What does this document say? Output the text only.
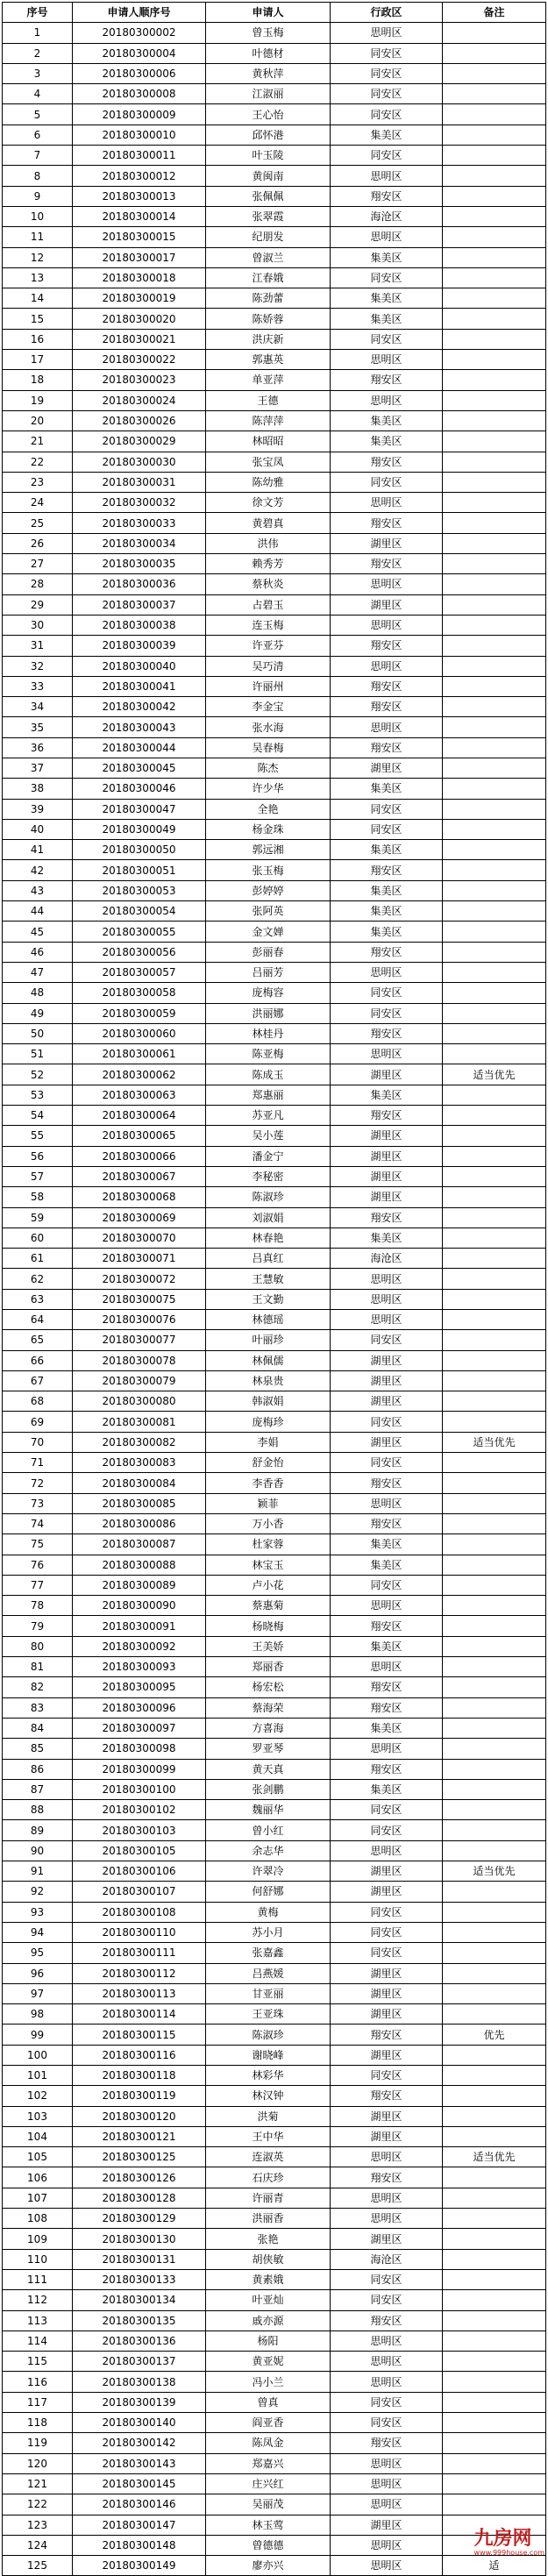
序号	申请人顺序号	申请人	行政区	备注
1	20180300002	曾玉梅	思明区	
2	20180300004	叶德材	同安区	
3	20180300006	黄秋萍	同安区	
4	20180300008	江淑丽	同安区	
5	20180300009	王心怡	同安区	
6	20180300010	邱怀港	集美区	
7	20180300011	叶玉陵	同安区	
8	20180300012	黄闽南	思明区	
9	20180300013	张佩佩	翔安区	
10	20180300014	张翠霞	海沧区	
11	20180300015	纪朋发	思明区	
12	20180300017	曾淑兰	集美区	
13	20180300018	江春娥	同安区	
14	20180300019	陈劲蕾	集美区	
15	20180300020	陈娇蓉	集美区	
16	20180300021	洪庆新	同安区	
17	20180300022	郭惠英	思明区	
18	20180300023	单亚萍	翔安区	
19	20180300024	王德	思明区	
20	20180300026	陈萍萍	集美区	
21	20180300029	林昭昭	集美区	
22	20180300030	张宝凤	翔安区	
23	20180300031	陈幼雅	同安区	
24	20180300032	徐文芳	思明区	
25	20180300033	黄碧真	翔安区	
26	20180300034	洪伟	湖里区	
27	20180300035	赖秀芳	翔安区	
28	20180300036	蔡秋炎	思明区	
29	20180300037	占碧玉	湖里区	
30	20180300038	连玉梅	思明区	
31	20180300039	许亚芬	翔安区	
32	20180300040	吴巧清	思明区	
33	20180300041	许丽州	翔安区	
34	20180300042	李金宝	翔安区	
35	20180300043	张水海	思明区	
36	20180300044	吴春梅	翔安区	
37	20180300045	陈杰	湖里区	
38	20180300046	许少华	集美区	
39	20180300047	全艳	同安区	
40	20180300049	杨金珠	同安区	
41	20180300050	郭远湘	集美区	
42	20180300051	张玉梅	翔安区	
43	20180300053	彭婷婷	集美区	
44	20180300054	张阿英	集美区	
45	20180300055	金文婵	集美区	
46	20180300056	彭丽春	翔安区	
47	20180300057	吕丽芳	思明区	
48	20180300058	庞梅容	同安区	
49	20180300059	洪丽娜	同安区	
50	20180300060	林桂丹	翔安区	
51	20180300061	陈亚梅	思明区	
52	20180300062	陈成玉	湖里区	适当优先
53	20180300063	郑惠丽	集美区	
54	20180300064	苏亚凡	翔安区	
55	20180300065	吴小莲	湖里区	
56	20180300066	潘金宁	湖里区	
57	20180300067	李秘密	湖里区	
58	20180300068	陈淑珍	湖里区	
59	20180300069	刘淑娟	翔安区	
60	20180300070	林春艳	集美区	
61	20180300071	吕真红	海沧区	
62	20180300072	王慧敏	思明区	
63	20180300075	王文勤	思明区	
64	20180300076	林德瑶	思明区	
65	20180300077	叶丽珍	同安区	
66	20180300078	林佩儒	湖里区	
67	20180300079	林泉贵	湖里区	
68	20180300080	韩淑娟	湖里区	
69	20180300081	庞梅珍	同安区	
70	20180300082	李娟	湖里区	适当优先
71	20180300083	舒金怡	同安区	
72	20180300084	李香香	翔安区	
73	20180300085	颖菲	思明区	
74	20180300086	万小香	翔安区	
75	20180300087	杜家蓉	集美区	
76	20180300088	林宝玉	集美区	
77	20180300089	卢小花	同安区	
78	20180300090	蔡惠菊	思明区	
79	20180300091	杨晓梅	翔安区	
80	20180300092	王美娇	集美区	
81	20180300093	郑丽香	思明区	
82	20180300095	杨宏松	翔安区	
83	20180300096	蔡海荣	翔安区	
84	20180300097	方喜海	集美区	
85	20180300098	罗亚琴	思明区	
86	20180300099	黄天真	翔安区	
87	20180300100	张剑鹏	集美区	
88	20180300102	魏丽华	同安区	
89	20180300103	曾小红	同安区	
90	20180300105	余志华	思明区	
91	20180300106	许翠冷	湖里区	适当优先
92	20180300107	何舒娜	湖里区	
93	20180300108	黄梅	同安区	
94	20180300110	苏小月	同安区	
95	20180300111	张嘉鑫	同安区	
96	20180300112	吕燕媛	湖里区	
97	20180300113	甘亚丽	湖里区	
98	20180300114	王亚珠	湖里区	
99	20180300115	陈淑珍	翔安区	优先
100	20180300116	谢晓峰	湖里区	
101	20180300118	林彩华	同安区	
102	20180300119	林汉钟	翔安区	
103	20180300120	洪菊	湖里区	
104	20180300121	王中华	湖里区	
105	20180300125	连淑英	思明区	适当优先
106	20180300126	石庆珍	翔安区	
107	20180300128	许丽青	思明区	
108	20180300129	洪丽香	思明区	
109	20180300130	张艳	湖里区	
110	20180300131	胡侠敏	海沧区	
111	20180300133	黄素娥	同安区	
112	20180300134	叶亚灿	同安区	
113	20180300135	戚亦源	翔安区	
114	20180300136	杨阳	思明区	
115	20180300137	黄亚妮	思明区	
116	20180300138	冯小兰	思明区	
117	20180300139	曾真	同安区	
118	20180300140	阎亚香	同安区	
119	20180300142	陈凤金	翔安区	
120	20180300143	郑嘉兴	思明区	
121	20180300145	庄兴红	思明区	
122	20180300146	吴丽茂	思明区	
123	20180300147	林玉莺	湖里区	
124	20180300148	曾德德	思明区	
125	20180300149	廖亦兴	思明区	适
九房网
www.999house.com
